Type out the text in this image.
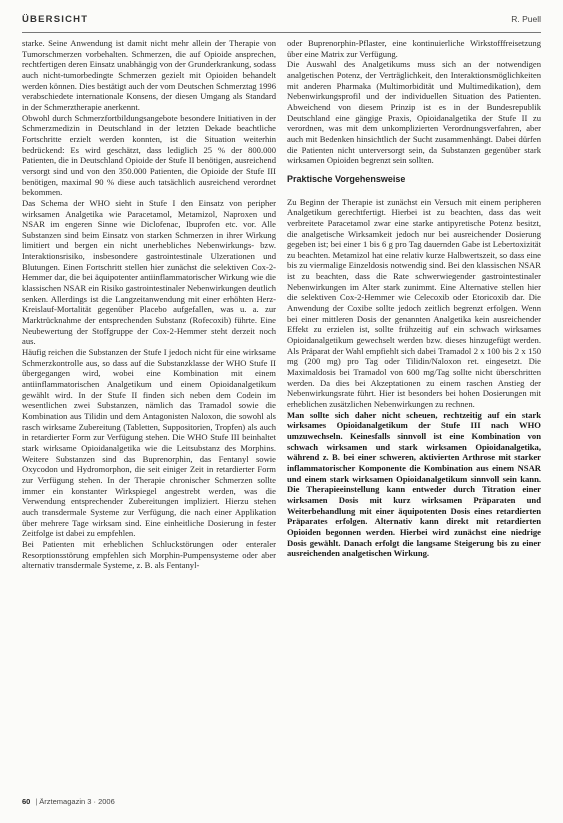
ÜBERSICHT	R. Puell

starke. Seine Anwendung ist damit nicht mehr allein der Therapie von Tumorschmerzen vorbehalten. Schmerzen, die auf Opioide ansprechen, rechtfertigen deren Einsatz unabhängig von der Grunderkrankung, sodass auch nicht-tumorbedingte Schmerzen gezielt mit Opioiden behandelt werden können. Dies bestätigt auch der vom Deutschen Schmerztag 1996 verabschiedete internationale Konsens, der diesen Umgang als Standard in der Schmerztherapie anerkennt.

Obwohl durch Schmerzfortbildungsangebote besondere Initiativen in der Schmerzmedizin in Deutschland in der letzten Dekade beachtliche Fortschritte erzielt werden konnten, ist die Situation weiterhin bedrückend: Es wird geschätzt, dass lediglich 25 % der 800.000 Patienten, die in Deutschland Opioide der Stufe II benötigen, ausreichend versorgt sind und von den 350.000 Patienten, die Opioide der Stufe III benötigen, maximal 90 % diese auch tatsächlich ausreichend verordnet bekommen.

Das Schema der WHO sieht in Stufe I den Einsatz von peripher wirksamen Analgetika wie Paracetamol, Metamizol, Naproxen und NSAR im engeren Sinne wie Diclofenac, Ibuprofen etc. vor. Alle Substanzen sind beim Einsatz von starken Schmerzen in ihrer Wirkung limitiert und bergen ein nicht unerhebliches Nebenwirkungs- bzw. Interaktionsrisiko, insbesondere gastrointestinale Ulzerationen und Blutungen. Einen Fortschritt stellen hier zunächst die selektiven Cox-2-Hemmer dar, die bei äquipotenter antiinflammatorischer Wirkung wie die klassischen NSAR ein Risiko gastrointestinaler Nebenwirkungen deutlich senken. Allerdings ist die Langzeitanwendung mit einer erhöhten Herz-Kreislauf-Mortalität gegenüber Placebo aufgefallen, was u. a. zur Marktrücknahme der entsprechenden Substanz (Rofecoxib) führte. Eine Neubewertung der Stoffgruppe der Cox-2-Hemmer steht derzeit noch aus.

Häufig reichen die Substanzen der Stufe I jedoch nicht für eine wirksame Schmerzkontrolle aus, so dass auf die Substanzklasse der WHO Stufe II übergegangen wird, wobei eine Kombination mit einem antiinflammatorischen Analgetikum und einem Opioidanalgetikum gewählt wird. In der Stufe II finden sich neben dem Codein im wesentlichen zwei Substanzen, nämlich das Tramadol sowie die Kombination aus Tilidin und dem Antagonisten Naloxon, die sowohl als rasch wirksame Zubereitung (Tabletten, Suppositorien, Tropfen) als auch in retardierter Form zur Verfügung stehen. Die WHO Stufe III beinhaltet stark wirksame Opioidanalgetika wie die Leitsubstanz des Morphins. Weitere Substanzen sind das Buprenorphin, das Fentanyl sowie Oxycodon und Hydromorphon, die seit einiger Zeit in retardierter Form zur Verfügung stehen. In der Therapie chronischer Schmerzen sollte immer ein konstanter Wirkspiegel angestrebt werden, was die Verwendung entsprechender Zubereitungen impliziert. Hierzu stehen auch transdermale Systeme zur Verfügung, die nach einer Applikation über mehrere Tage wirksam sind. Eine einheitliche Dosierung in fester Zeitfolge ist dabei zu empfehlen.

Bei Patienten mit erheblichen Schluckstörungen oder enteraler Resorptionsstörung empfehlen sich Morphin-Pumpensysteme oder aber alternativ transdermale Systeme, z. B. als Fentanyl-

oder Buprenorphin-Pflaster, eine kontinuierliche Wirkstofffreisetzung über eine Matrix zur Verfügung.

Die Auswahl des Analgetikums muss sich an der notwendigen analgetischen Potenz, der Verträglichkeit, den Interaktionsmöglichkeiten mit anderen Pharmaka (Multimorbidität und Multimedikation), dem Nebenwirkungsprofil und der individuellen Situation des Patienten. Abweichend von diesem Prinzip ist es in der Bundesrepublik Deutschland eine gängige Praxis, Opioidanalgetika der Stufe II zu verordnen, was mit dem unkomplizierten Verordnungsverfahren, aber auch mit Bedenken hinsichtlich der Sucht zusammenhängt. Dabei dürfen die Patienten nicht unterversorgt sein, da Substanzen gegenüber stark wirksamen Opioiden begrenzt sein sollten.

Praktische Vorgehensweise

Zu Beginn der Therapie ist zunächst ein Versuch mit einem peripheren Analgetikum gerechtfertigt. Hierbei ist zu beachten, dass das weit verbreitete Paracetamol zwar eine starke antipyretische Potenz besitzt, die analgetische Wirksamkeit jedoch nur bei ausreichender Dosierung gegeben ist; bei einer 1 bis 6 g pro Tag dauernden Gabe ist Lebertoxizität zu beachten. Metamizol hat eine relativ kurze Halbwertszeit, so dass eine bis zu viermalige Einzeldosis notwendig sind. Bei den klassischen NSAR ist zu beachten, dass die Rate schwerwiegender gastrointestinaler Nebenwirkungen im Alter stark zunimmt. Eine Alternative stellen hier die selektiven Cox-2-Hemmer wie Celecoxib oder Etoricoxib dar. Die Anwendung der Coxibe sollte jedoch zeitlich begrenzt erfolgen. Wenn bei einer mittleren Dosis der genannten Analgetika kein ausreichender Effekt zu erzielen ist, sollte frühzeitig auf ein schwach wirksames Opioidanalgetikum gewechselt werden bzw. dieses hinzugefügt werden. Als Präparat der Wahl empfiehlt sich dabei Tramadol 2 x 100 bis 2 x 150 mg (200 mg) pro Tag oder Tilidin/Naloxon ret. eingesetzt. Die Maximaldosis bei Tramadol von 600 mg/Tag sollte nicht überschritten werden. Da dies bei Akzeptationen zu einem raschen Anstieg der Nebenwirkungsrate führt. Hier ist besonders bei hohen Dosierungen mit erheblichen zusätzlichen Nebenwirkungen zu rechnen.

Man sollte sich daher nicht scheuen, rechtzeitig auf ein stark wirksames Opioidanalgetikum der Stufe III nach WHO umzuwechseln. Keinesfalls sinnvoll ist eine Kombination von schwach wirksamen und stark wirksamen Opioidanalgetika, während z. B. bei einer schweren, aktivierten Arthrose mit starker inflammatorischer Komponente die Kombination aus einem NSAR und einem stark wirksamen Opioidanalgetikum sinnvoll sein kann. Die Therapieeinstellung kann entweder durch Titration einer wirksamen Dosis mit kurz wirksamen Präparaten und Weiterbehandlung mit einer äquipotenten Dosis eines retardierten Präparates erfolgen. Alternativ kann direkt mit retardierten Opioiden begonnen werden. Hierbei wird zunächst eine niedrige Dosis gewählt. Danach erfolgt die langsame Steigerung bis zu einer ausreichenden analgetischen Wirkung.

60 | Ärztemagazin 3 · 2006
